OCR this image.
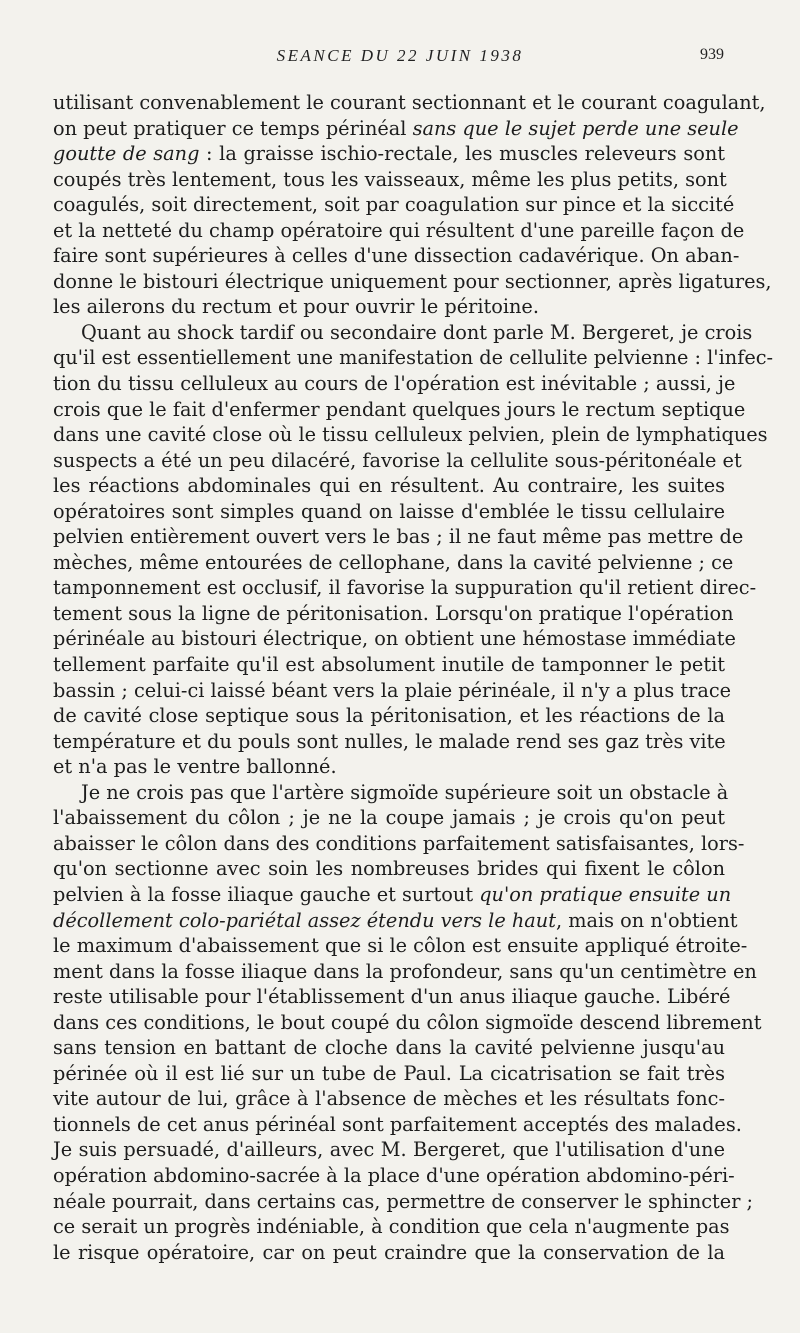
SEANCE DU 22 JUIN 1938	939
utilisant convenablement le courant sectionnant et le courant coagulant,
on peut pratiquer ce temps périnéal sans que le sujet perde une seule
goutte de sang : la graisse ischio-rectale, les muscles releveurs sont
coupés très lentement, tous les vaisseaux, même les plus petits, sont
coagulés, soit directement, soit par coagulation sur pince et la siccité
et la netteté du champ opératoire qui résultent d'une pareille façon de
faire sont supérieures à celles d'une dissection cadavérique. On aban-
donne le bistouri électrique uniquement pour sectionner, après ligatures,
les ailerons du rectum et pour ouvrir le péritoine.
Quant au shock tardif ou secondaire dont parle M. Bergeret, je crois
qu'il est essentiellement une manifestation de cellulite pelvienne : l'infec-
tion du tissu celluleux au cours de l'opération est inévitable ; aussi, je
crois que le fait d'enfermer pendant quelques jours le rectum septique
dans une cavité close où le tissu celluleux pelvien, plein de lymphatiques
suspects a été un peu dilacéré, favorise la cellulite sous-péritonéale et
les réactions abdominales qui en résultent. Au contraire, les suites
opératoires sont simples quand on laisse d'emblée le tissu cellulaire
pelvien entièrement ouvert vers le bas ; il ne faut même pas mettre de
mèches, même entourées de cellophane, dans la cavité pelvienne ; ce
tamponnement est occlusif, il favorise la suppuration qu'il retient direc-
tement sous la ligne de péritonisation. Lorsqu'on pratique l'opération
périnéale au bistouri électrique, on obtient une hémostase immédiate
tellement parfaite qu'il est absolument inutile de tamponner le petit
bassin ; celui-ci laissé béant vers la plaie périnéale, il n'y a plus trace
de cavité close septique sous la péritonisation, et les réactions de la
température et du pouls sont nulles, le malade rend ses gaz très vite
et n'a pas le ventre ballonné.
Je ne crois pas que l'artère sigmoïde supérieure soit un obstacle à
l'abaissement du côlon ; je ne la coupe jamais ; je crois qu'on peut
abaisser le côlon dans des conditions parfaitement satisfaisantes, lors-
qu'on sectionne avec soin les nombreuses brides qui fixent le côlon
pelvien à la fosse iliaque gauche et surtout qu'on pratique ensuite un
décollement colo-pariétal assez étendu vers le haut, mais on n'obtient
le maximum d'abaissement que si le côlon est ensuite appliqué étroite-
ment dans la fosse iliaque dans la profondeur, sans qu'un centimètre en
reste utilisable pour l'établissement d'un anus iliaque gauche. Libéré
dans ces conditions, le bout coupé du côlon sigmoïde descend librement
sans tension en battant de cloche dans la cavité pelvienne jusqu'au
périnée où il est lié sur un tube de Paul. La cicatrisation se fait très
vite autour de lui, grâce à l'absence de mèches et les résultats fonc-
tionnels de cet anus périnéal sont parfaitement acceptés des malades.
Je suis persuadé, d'ailleurs, avec M. Bergeret, que l'utilisation d'une
opération abdomino-sacrée à la place d'une opération abdomino-péri-
néale pourrait, dans certains cas, permettre de conserver le sphincter ;
ce serait un progrès indéniable, à condition que cela n'augmente pas
le risque opératoire, car on peut craindre que la conservation de la
